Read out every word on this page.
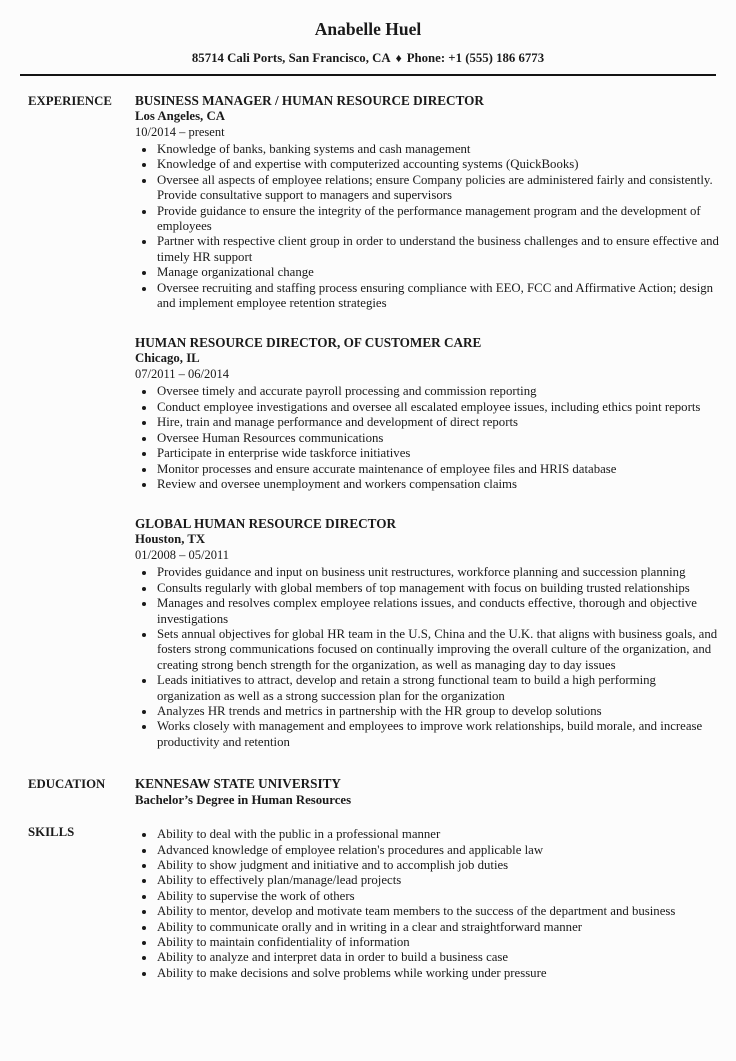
Anabelle Huel
85714 Cali Ports, San Francisco, CA ♦ Phone: +1 (555) 186 6773
EXPERIENCE	BUSINESS MANAGER / HUMAN RESOURCE DIRECTOR
Los Angeles, CA
10/2014 – present
• Knowledge of banks, banking systems and cash management
• Knowledge of and expertise with computerized accounting systems (QuickBooks)
• Oversee all aspects of employee relations; ensure Company policies are administered fairly and consistently. Provide consultative support to managers and supervisors
• Provide guidance to ensure the integrity of the performance management program and the development of employees
• Partner with respective client group in order to understand the business challenges and to ensure effective and timely HR support
• Manage organizational change
• Oversee recruiting and staffing process ensuring compliance with EEO, FCC and Affirmative Action; design and implement employee retention strategies
HUMAN RESOURCE DIRECTOR, OF CUSTOMER CARE
Chicago, IL
07/2011 – 06/2014
• Oversee timely and accurate payroll processing and commission reporting
• Conduct employee investigations and oversee all escalated employee issues, including ethics point reports
• Hire, train and manage performance and development of direct reports
• Oversee Human Resources communications
• Participate in enterprise wide taskforce initiatives
• Monitor processes and ensure accurate maintenance of employee files and HRIS database
• Review and oversee unemployment and workers compensation claims
GLOBAL HUMAN RESOURCE DIRECTOR
Houston, TX
01/2008 – 05/2011
• Provides guidance and input on business unit restructures, workforce planning and succession planning
• Consults regularly with global members of top management with focus on building trusted relationships
• Manages and resolves complex employee relations issues, and conducts effective, thorough and objective investigations
• Sets annual objectives for global HR team in the U.S, China and the U.K. that aligns with business goals, and fosters strong communications focused on continually improving the overall culture of the organization, and creating strong bench strength for the organization, as well as managing day to day issues
• Leads initiatives to attract, develop and retain a strong functional team to build a high performing organization as well as a strong succession plan for the organization
• Analyzes HR trends and metrics in partnership with the HR group to develop solutions
• Works closely with management and employees to improve work relationships, build morale, and increase productivity and retention
EDUCATION	KENNESAW STATE UNIVERSITY
Bachelor’s Degree in Human Resources
SKILLS	• Ability to deal with the public in a professional manner
• Advanced knowledge of employee relation's procedures and applicable law
• Ability to show judgment and initiative and to accomplish job duties
• Ability to effectively plan/manage/lead projects
• Ability to supervise the work of others
• Ability to mentor, develop and motivate team members to the success of the department and business
• Ability to communicate orally and in writing in a clear and straightforward manner
• Ability to maintain confidentiality of information
• Ability to analyze and interpret data in order to build a business case
• Ability to make decisions and solve problems while working under pressure
